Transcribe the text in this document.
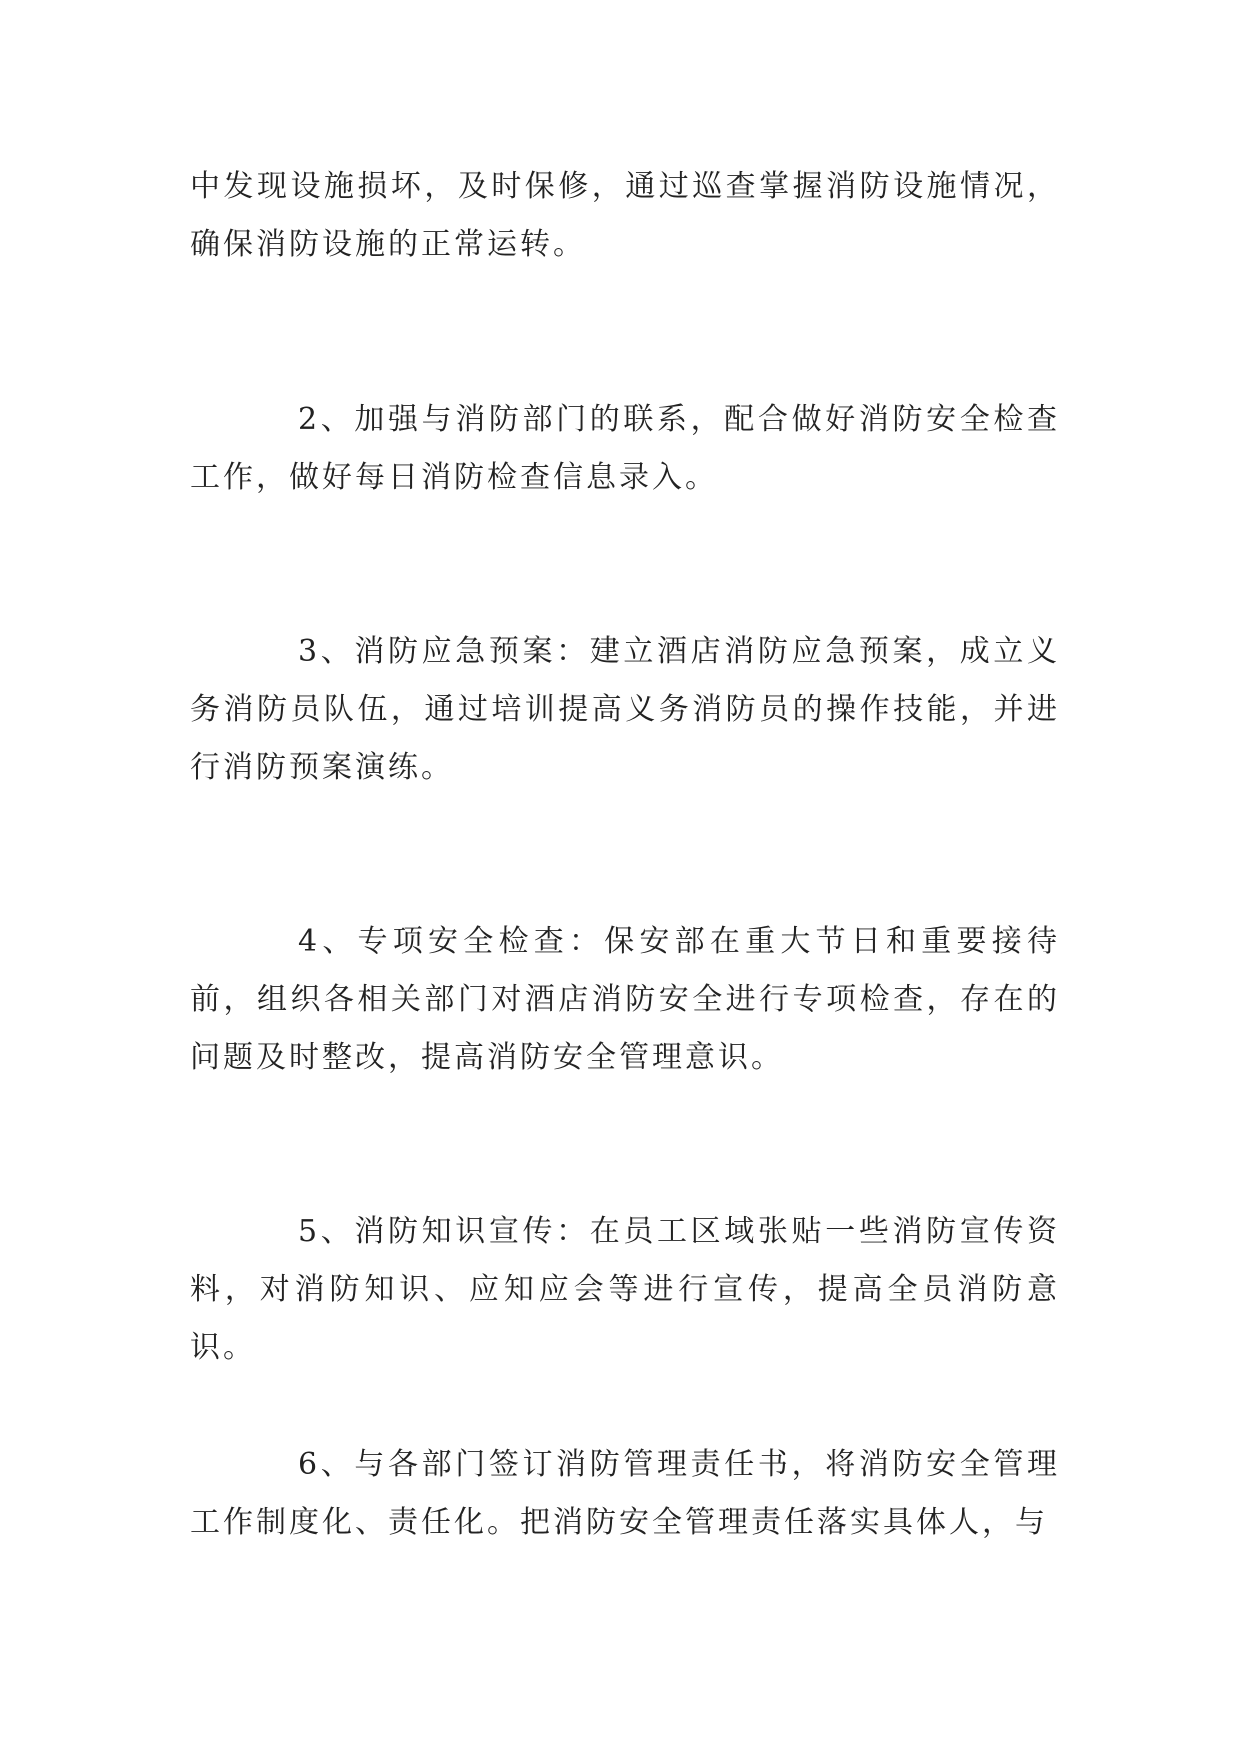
中发现设施损坏，及时保修，通过巡查掌握消防设施情况，确保消防设施的正常运转。

2、加强与消防部门的联系，配合做好消防安全检查工作，做好每日消防检查信息录入。

3、消防应急预案：建立酒店消防应急预案，成立义务消防员队伍，通过培训提高义务消防员的操作技能，并进行消防预案演练。

4、专项安全检查：保安部在重大节日和重要接待前，组织各相关部门对酒店消防安全进行专项检查，存在的问题及时整改，提高消防安全管理意识。

5、消防知识宣传：在员工区域张贴一些消防宣传资料，对消防知识、应知应会等进行宣传，提高全员消防意识。

6、与各部门签订消防管理责任书，将消防安全管理工作制度化、责任化。把消防安全管理责任落实具体人，与
